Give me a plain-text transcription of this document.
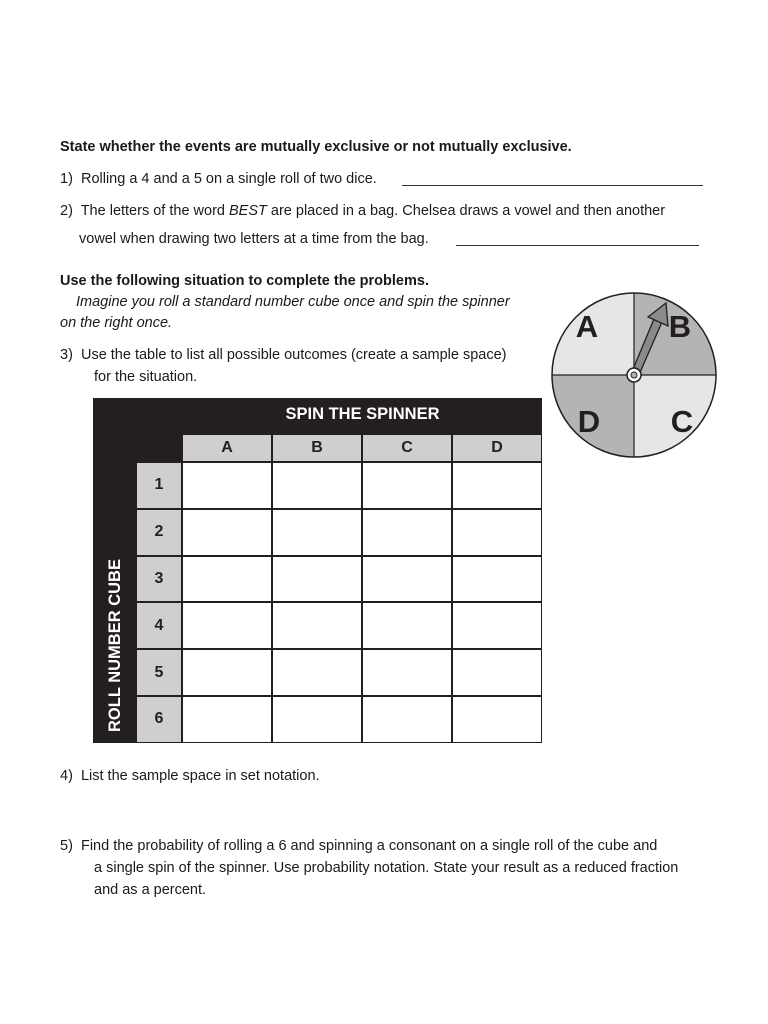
State whether the events are mutually exclusive or not mutually exclusive.
1) Rolling a 4 and a 5 on a single roll of two dice.
2) The letters of the word BEST are placed in a bag. Chelsea draws a vowel and then another
vowel when drawing two letters at a time from the bag.
Use the following situation to complete the problems.
Imagine you roll a standard number cube once and spin the spinner
on the right once.
3) Use the table to list all possible outcomes (create a sample space)
for the situation.
A B
C
D
SPIN THE SPINNER
ROLL NUMBER CUBE
A	B	C	D
1
2
3
4
5
6
4) List the sample space in set notation.
5) Find the probability of rolling a 6 and spinning a consonant on a single roll of the cube and
a single spin of the spinner. Use probability notation. State your result as a reduced fraction
and as a percent.
